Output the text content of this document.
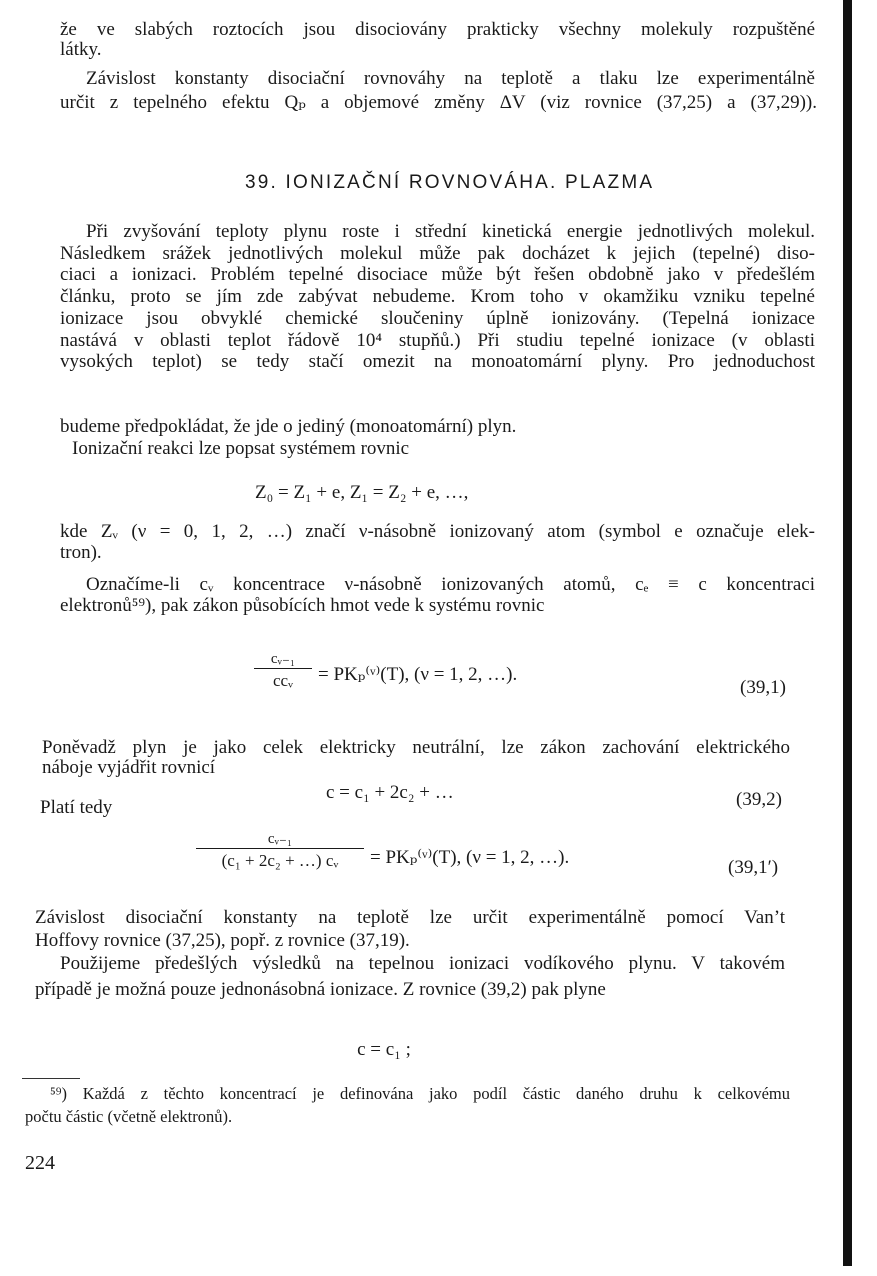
že ve slabých roztocích jsou disociovány prakticky všechny molekuly rozpuštěné
látky.
Závislost konstanty disociační rovnováhy na teplotě a tlaku lze experimentálně
určit z tepelného efektu Qₚ a objemové změny ΔV (viz rovnice (37,25) a (37,29)).
39. IONIZAČNÍ ROVNOVÁHA. PLAZMA
Při zvyšování teploty plynu roste i střední kinetická energie jednotlivých molekul.
Následkem srážek jednotlivých molekul může pak docházet k jejich (tepelné) diso-
ciaci a ionizaci. Problém tepelné disociace může být řešen obdobně jako v předešlém
článku, proto se jím zde zabývat nebudeme. Krom toho v okamžiku vzniku tepelné
ionizace jsou obvyklé chemické sloučeniny úplně ionizovány. (Tepelná ionizace
nastává v oblasti teplot řádově 10⁴ stupňů.) Při studiu tepelné ionizace (v oblasti
vysokých teplot) se tedy stačí omezit na monoatomární plyny. Pro jednoduchost
budeme předpokládat, že jde o jediný (monoatomární) plyn.
Ionizační reakci lze popsat systémem rovnic
Z₀ = Z₁ + e, Z₁ = Z₂ + e, …,
kde Zᵥ (ν = 0, 1, 2, …) značí ν-násobně ionizovaný atom (symbol e označuje elek-
tron).
Označíme-li cᵥ koncentrace ν-násobně ionizovaných atomů, cₑ ≡ c koncentraci
elektronů⁵⁹), pak zákon působících hmot vede k systému rovnic
cᵥ₋₁
ccᵥ	= PKₚ⁽ᵛ⁾(T), (ν = 1, 2, …).
(39,1)
Poněvadž plyn je jako celek elektricky neutrální, lze zákon zachování elektrického
náboje vyjádřit rovnicí
c = c₁ + 2c₂ + …	(39,2)
Platí tedy
cᵥ₋₁
(c₁ + 2c₂ + …) cᵥ	= PKₚ⁽ᵛ⁾(T), (ν = 1, 2, …).	(39,1′)
Závislost disociační konstanty na teplotě lze určit experimentálně pomocí Van’t
Hoffovy rovnice (37,25), popř. z rovnice (37,19).
Použijeme předešlých výsledků na tepelnou ionizaci vodíkového plynu. V takovém
případě je možná pouze jednonásobná ionizace. Z rovnice (39,2) pak plyne
c = c₁ ;
⁵⁹) Každá z těchto koncentrací je definována jako podíl částic daného druhu k celkovému
počtu částic (včetně elektronů).
224
